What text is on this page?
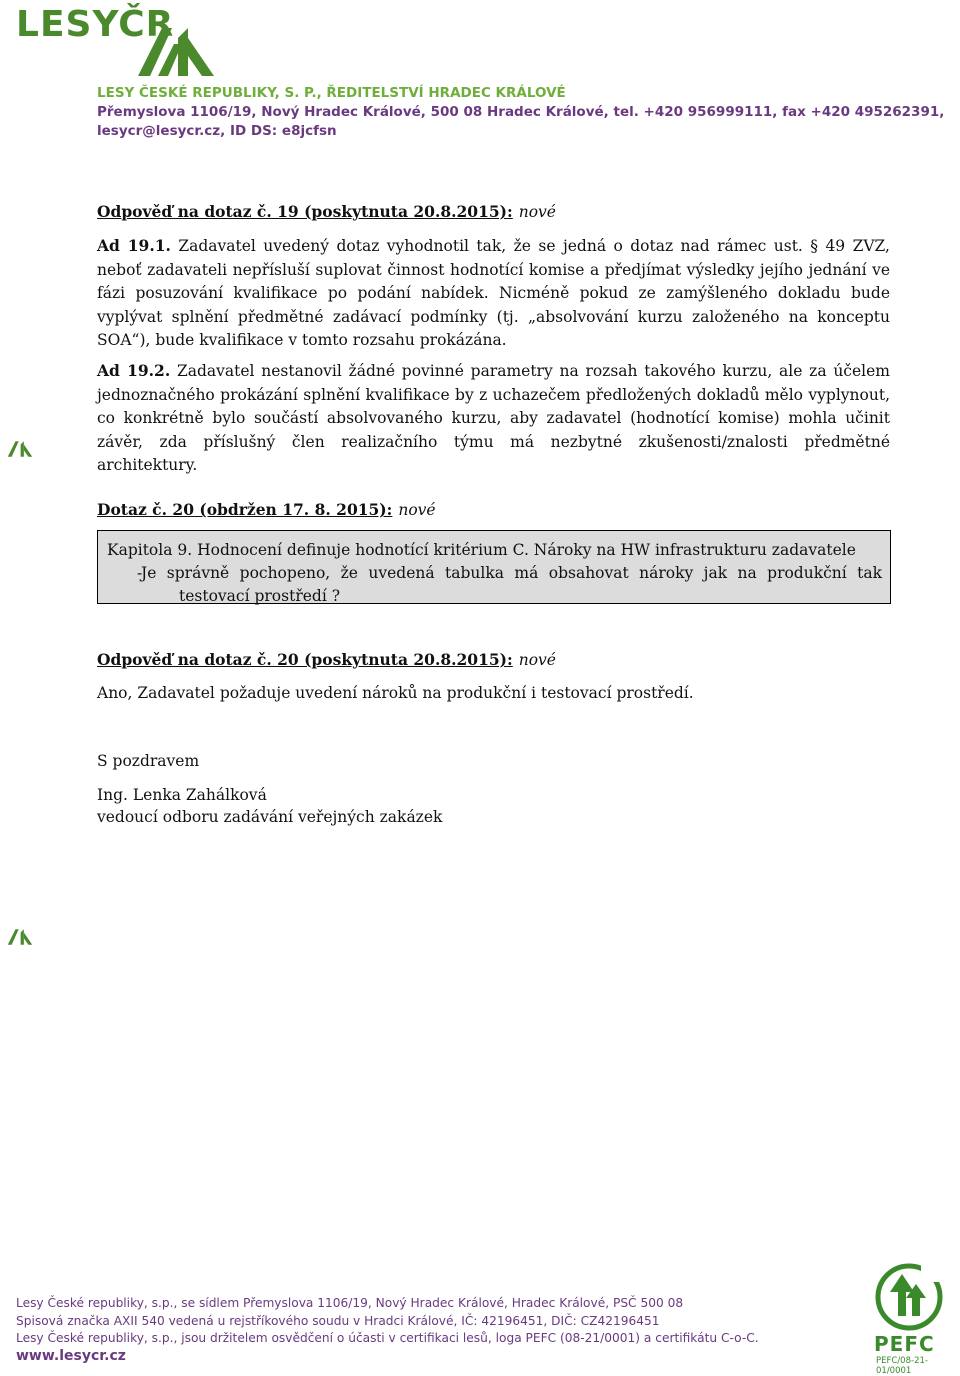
LESYČR
LESY ČESKÉ REPUBLIKY, S. P., ŘEDITELSTVÍ HRADEC KRÁLOVÉ
Přemyslova 1106/19, Nový Hradec Králové, 500 08 Hradec Králové, tel. +420 956999111, fax +420 495262391,
lesycr@lesycr.cz, ID DS: e8jcfsn
Odpověď na dotaz č. 19 (poskytnuta 20.8.2015): nové

Ad 19.1. Zadavatel uvedený dotaz vyhodnotil tak, že se jedná o dotaz nad rámec ust. § 49 ZVZ, neboť zadavateli nepřísluší suplovat činnost hodnotící komise a předjímat výsledky jejího jednání ve fázi posuzování kvalifikace po podání nabídek. Nicméně pokud ze zamýšleného dokladu bude vyplývat splnění předmětné zadávací podmínky (tj. „absolvování kurzu založeného na konceptu SOA“), bude kvalifikace v tomto rozsahu prokázána.

Ad 19.2. Zadavatel nestanovil žádné povinné parametry na rozsah takového kurzu, ale za účelem jednoznačného prokázání splnění kvalifikace by z uchazečem předložených dokladů mělo vyplynout, co konkrétně bylo součástí absolvovaného kurzu, aby zadavatel (hodnotící komise) mohla učinit závěr, zda příslušný člen realizačního týmu má nezbytné zkušenosti/znalosti předmětné architektury.

Dotaz č. 20 (obdržen 17. 8. 2015): nové
Kapitola 9. Hodnocení definuje hodnotící kritérium C. Nároky na HW infrastrukturu zadavatele
-
Je správně pochopeno, že uvedená tabulka má obsahovat nároky jak na produkční tak testovací prostředí ?
Odpověď na dotaz č. 20 (poskytnuta 20.8.2015): nové
Ano, Zadavatel požaduje uvedení nároků na produkční i testovací prostředí.
S pozdravem
Ing. Lenka Zahálková
vedoucí odboru zadávání veřejných zakázek
Lesy České republiky, s.p., se sídlem Přemyslova 1106/19, Nový Hradec Králové, Hradec Králové, PSČ 500 08
Spisová značka AXII 540 vedená u rejstříkového soudu v Hradci Králové, IČ: 42196451, DIČ: CZ42196451
Lesy České republiky, s.p., jsou držitelem osvědčení o účasti v certifikaci lesů, loga PEFC (08-21/0001) a certifikátu C-o-C.
www.lesycr.cz	PEFC
PEFC/08-21-01/0001
